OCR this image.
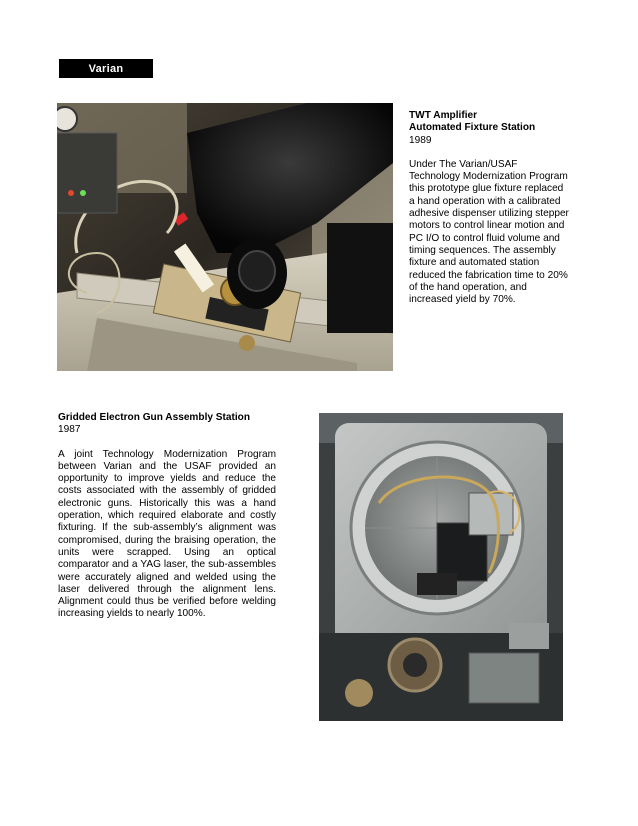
Varian
TWT Amplifier
Automated Fixture Station
1989
Under The Varian/USAF Technology Modernization Program this prototype glue fixture replaced a hand operation with a calibrated adhesive dispenser utilizing stepper motors to control linear motion and PC I/O to control fluid volume and timing sequences. The assembly fixture and automated station reduced the fabrication time to 20% of the hand operation, and increased yield by 70%.
Gridded Electron Gun Assembly Station
1987
A joint Technology Modernization Program between Varian and the USAF provided an opportunity to improve yields and reduce the costs associated with the assembly of gridded electronic guns. Historically this was a hand operation, which required elaborate and costly fixturing. If the sub-assembly’s alignment was compromised, during the braising operation, the units were scrapped. Using an optical comparator and a YAG laser, the sub-assembles were accurately aligned and welded using the laser delivered through the alignment lens. Alignment could thus be verified before welding increasing yields to nearly 100%.
